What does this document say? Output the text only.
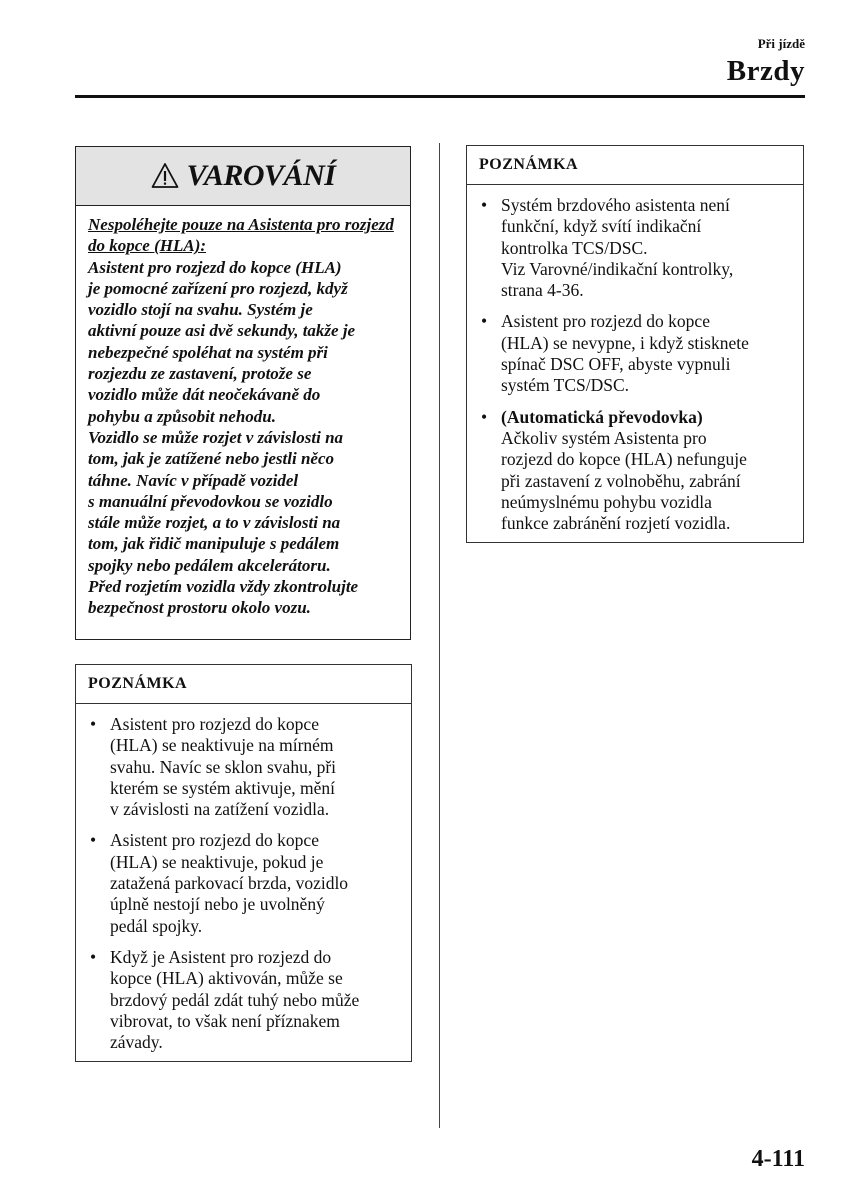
Při jízdě
Brzdy
VAROVÁNÍ
Nespoléhejte pouze na Asistenta pro rozjezd do kopce (HLA):
Asistent pro rozjezd do kopce (HLA)
je pomocné zařízení pro rozjezd, když
vozidlo stojí na svahu. Systém je
aktivní pouze asi dvě sekundy, takže je
nebezpečné spoléhat na systém při
rozjezdu ze zastavení, protože se
vozidlo může dát neočekávaně do
pohybu a způsobit nehodu.
Vozidlo se může rozjet v závislosti na
tom, jak je zatížené nebo jestli něco
táhne. Navíc v případě vozidel
s manuální převodovkou se vozidlo
stále může rozjet, a to v závislosti na
tom, jak řidič manipuluje s pedálem
spojky nebo pedálem akcelerátoru.
Před rozjetím vozidla vždy zkontrolujte
bezpečnost prostoru okolo vozu.
POZNÁMKA
• Asistent pro rozjezd do kopce
(HLA) se neaktivuje na mírném
svahu. Navíc se sklon svahu, při
kterém se systém aktivuje, mění
v závislosti na zatížení vozidla.
• Asistent pro rozjezd do kopce
(HLA) se neaktivuje, pokud je
zatažená parkovací brzda, vozidlo
úplně nestojí nebo je uvolněný
pedál spojky.
• Když je Asistent pro rozjezd do
kopce (HLA) aktivován, může se
brzdový pedál zdát tuhý nebo může
vibrovat, to však není příznakem
závady.
POZNÁMKA
• Systém brzdového asistenta není
funkční, když svítí indikační
kontrolka TCS/DSC.
Viz Varovné/indikační kontrolky,
strana 4-36.
• Asistent pro rozjezd do kopce
(HLA) se nevypne, i když stisknete
spínač DSC OFF, abyste vypnuli
systém TCS/DSC.
• (Automatická převodovka)
Ačkoliv systém Asistenta pro
rozjezd do kopce (HLA) nefunguje
při zastavení z volnoběhu, zabrání
neúmyslnému pohybu vozidla
funkce zabránění rozjetí vozidla.
4-111
